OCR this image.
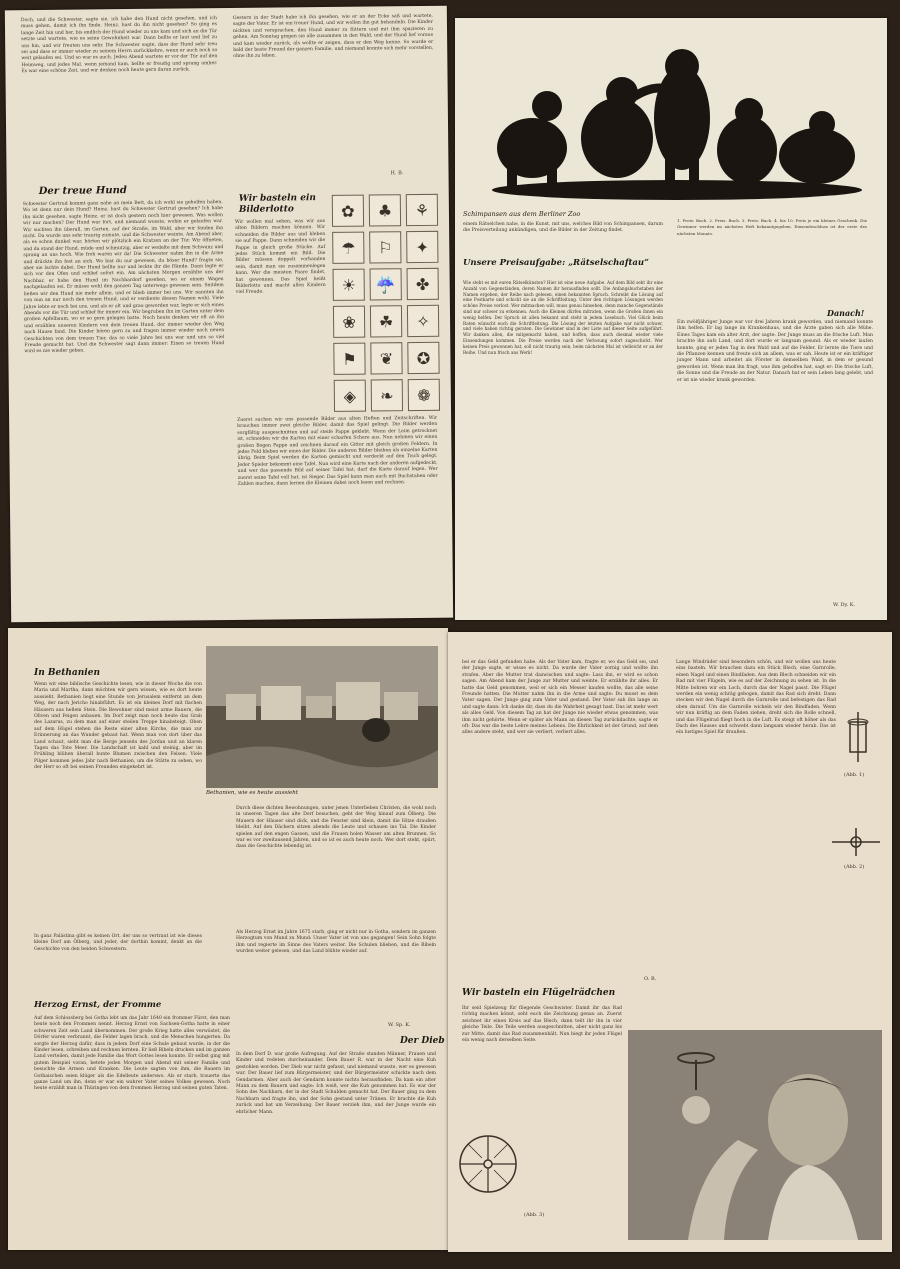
Doch, und die Schwester, sagte sie, ich habe den Hund nicht gesehen, und ich muss gehen, damit ich ihn finde. Heinz, hast du ihn nicht gesehen? So ging es lange Zeit hin und her, bis endlich der Hund wieder zu uns kam und sich an die Tür setzte und wartete, wie es seine Gewohnheit war. Dann bellte er laut und lief zu uns hin, und wir freuten uns sehr. Die Schwester sagte, dass der Hund sehr treu sei und dass er immer wieder zu seinem Herrn zurückkehre, wenn er auch noch so weit gelaufen sei. Und so war es auch. Jeden Abend wartete er vor der Tür auf den Heimweg, und jedes Mal, wenn jemand kam, bellte er freudig und sprang umher. Es war eine schöne Zeit, und wir denken noch heute gern daran zurück.
Gestern in der Stadt habe ich ihn gesehen, wie er an der Ecke saß und wartete, sagte der Vater. Er ist ein treuer Hund, und wir wollen ihn gut behandeln. Die Kinder nickten und versprachen, den Hund immer zu füttern und mit ihm spazieren zu gehen. Am Sonntag gingen sie alle zusammen in den Wald, und der Hund lief voraus und kam wieder zurück, als wollte er zeigen, dass er den Weg kenne. So wurde er bald der beste Freund der ganzen Familie, und niemand konnte sich mehr vorstellen, ohne ihn zu leben.
H. B.
Der treue Hund
Schwester Gertrud kommt ganz nahe an mein Bett, da ich wohl sie geholfen haben. Wo ist denn nur dein Hund? Heinz, hast du Schwester Gertrud gesehen? Ich habe ihn nicht gesehen, sagte Heinz, er ist doch gestern noch hier gewesen. Was wollen wir nur machen? Der Hund war fort, und niemand wusste, wohin er gelaufen war. Wir suchten ihn überall, im Garten, auf der Straße, im Wald, aber wir fanden ihn nicht. Da wurde uns sehr traurig zumute, und die Schwester weinte. Am Abend aber, als es schon dunkel war, hörten wir plötzlich ein Kratzen an der Tür. Wir öffneten, und da stand der Hund, müde und schmutzig, aber er wedelte mit dem Schwanz und sprang an uns hoch. Wie froh waren wir da! Die Schwester nahm ihn in die Arme und drückte ihn fest an sich. Wo bist du nur gewesen, du böser Hund? fragte sie, aber sie lachte dabei. Der Hund bellte nur und leckte ihr die Hände. Dann legte er sich vor den Ofen und schlief sofort ein. Am nächsten Morgen erzählte uns der Nachbar, er habe den Hund im Nachbardorf gesehen, wo er einem Wagen nachgelaufen sei. Er müsse wohl den ganzen Tag unterwegs gewesen sein. Seitdem ließen wir den Hund nie mehr allein, und er blieb immer bei uns. Wir nannten ihn von nun an nur noch den treuen Hund, und er verdiente diesen Namen wohl. Viele Jahre lebte er noch bei uns, und als er alt und grau geworden war, legte er sich eines Abends vor die Tür und schlief für immer ein. Wir begruben ihn im Garten unter dem großen Apfelbaum, wo er so gern gelegen hatte. Noch heute denken wir oft an ihn und erzählen unseren Kindern von dem treuen Hund, der immer wieder den Weg nach Hause fand. Die Kinder hören gern zu und fragen immer wieder nach neuen Geschichten von dem treuen Tier, das so viele Jahre bei uns war und uns so viel Freude gemacht hat. Und die Schwester sagt dann immer: Einen so treuen Hund wird es nie wieder geben.
Wir basteln ein Bilderlotto
Wir wollen mal sehen, was wir aus alten Bildern machen können. Wir schneiden die Bilder aus und kleben sie auf Pappe. Dann schneiden wir die Pappe in gleich große Stücke. Auf jedes Stück kommt ein Bild. Die Bilder müssen doppelt vorhanden sein, damit man sie zusammenlegen kann. Wer die meisten Paare findet, hat gewonnen. Das Spiel heißt Bilderlotto und macht allen Kindern viel Freude.
✿	♣	⚘
☂	⚐	✦
☀	☔	✤
❀	☘	✧
⚑	❦	✪
◈	❧	❁
Zuerst suchen wir uns passende Bilder aus alten Heften und Zeitschriften. Wir brauchen immer zwei gleiche Bilder, damit das Spiel gelingt. Die Bilder werden sorgfältig ausgeschnitten und auf steife Pappe geklebt. Wenn der Leim getrocknet ist, schneiden wir die Karten mit einer scharfen Schere aus. Nun nehmen wir einen großen Bogen Pappe und zeichnen darauf ein Gitter mit gleich großen Feldern. In jedes Feld kleben wir eines der Bilder. Die anderen Bilder bleiben als einzelne Karten übrig. Beim Spiel werden die Karten gemischt und verdeckt auf den Tisch gelegt. Jeder Spieler bekommt eine Tafel. Nun wird eine Karte nach der anderen aufgedeckt, und wer das passende Bild auf seiner Tafel hat, darf die Karte darauf legen. Wer zuerst seine Tafel voll hat, ist Sieger. Das Spiel kann man auch mit Buchstaben oder Zahlen machen, dann lernen die Kleinen dabei noch lesen und rechnen.
Schimpansen aus dem Berliner Zoo
einem Rätselchen nahe, in die Kunst, mit uns, welches Bild von Schimpansen, darum die Preisverteilung ankündigen, und die Bilder in der Zeitung findet.
1. Preis: Buch. 2. Preis: Buch. 3. Preis: Buch. 4. bis 10. Preis je ein kleines Geschenk. Die Gewinner werden im nächsten Heft bekanntgegeben. Einsendeschluss ist der erste des nächsten Monats.
Unsere Preisaufgabe: „Rätselschaftau“
Wie steht es mit euren Rätselkünsten? Hier ist eine neue Aufgabe. Auf dem Bild seht ihr eine Anzahl von Gegenständen, deren Namen ihr herausfinden sollt. Die Anfangsbuchstaben der Namen ergeben, der Reihe nach gelesen, einen bekannten Spruch. Schreibt die Lösung auf eine Postkarte und schickt sie an die Schriftleitung. Unter den richtigen Lösungen werden schöne Preise verlost. Wer mitmachen will, muss genau hinsehen, denn manche Gegenstände sind nur schwer zu erkennen. Auch die Kleinen dürfen mitraten, wenn die Großen ihnen ein wenig helfen. Der Spruch ist allen bekannt und steht in jedem Lesebuch. Viel Glück beim Raten wünscht euch die Schriftleitung. Die Lösung der letzten Aufgabe war nicht schwer, und viele haben richtig geraten. Die Gewinner sind in der Liste auf dieser Seite aufgeführt. Wir danken allen, die mitgemacht haben, und hoffen, dass auch diesmal wieder viele Einsendungen kommen. Die Preise werden nach der Verlosung sofort zugeschickt. Wer keinen Preis gewonnen hat, soll nicht traurig sein, beim nächsten Mal ist vielleicht er an der Reihe. Und nun frisch ans Werk!
Danach!
Ein zwölfjähriger Junge war vor drei Jahren krank geworden, und niemand konnte ihm helfen. Er lag lange im Krankenhaus, und die Ärzte gaben sich alle Mühe. Eines Tages kam ein alter Arzt, der sagte: Der Junge muss an die frische Luft. Man brachte ihn aufs Land, und dort wurde er langsam gesund. Als er wieder laufen konnte, ging er jeden Tag in den Wald und auf die Felder. Er lernte die Tiere und die Pflanzen kennen und freute sich an allem, was er sah. Heute ist er ein kräftiger junger Mann und arbeitet als Förster in demselben Wald, in dem er gesund geworden ist. Wenn man ihn fragt, was ihm geholfen hat, sagt er: Die frische Luft, die Sonne und die Freude an der Natur. Danach hat er sein Leben lang gelebt, und er ist nie wieder krank geworden.
W. Dy. K.
In Bethanien
Wenn wir eine biblische Geschichte lesen, wie in dieser Woche die von Maria und Martha, dann möchten wir gern wissen, wie es dort heute aussieht. Bethanien liegt eine Stunde von Jerusalem entfernt an dem Weg, der nach Jericho hinabführt. Es ist ein kleines Dorf mit flachen Häusern aus hellem Stein. Die Bewohner sind meist arme Bauern, die Oliven und Feigen anbauen. Im Dorf zeigt man noch heute das Grab des Lazarus, zu dem man auf einer steilen Treppe hinabsteigt. Oben auf dem Hügel stehen die Reste einer alten Kirche, die man zur Erinnerung an das Wunder gebaut hat. Wenn man von dort über das Land schaut, sieht man die Berge jenseits des Jordan und an klaren Tagen das Tote Meer. Die Landschaft ist kahl und steinig, aber im Frühling blühen überall bunte Blumen zwischen den Felsen. Viele Pilger kommen jedes Jahr nach Bethanien, um die Stätte zu sehen, wo der Herr so oft bei seinen Freunden eingekehrt ist.
Bethanien, wie es heute aussieht
In ganz Palästina gibt es keinen Ort, der uns so vertraut ist wie dieses kleine Dorf am Ölberg, und jeder, der dorthin kommt, denkt an die Geschichte von den beiden Schwestern.
Durch diese dichten Bewohnungen, unter jenen Unterlieben Christen, die wohl noch in unseren Tagen das alte Dorf besuchen, geht der Weg hinauf zum Ölberg. Die Mauern der Häuser sind dick, und die Fenster sind klein, damit die Hitze draußen bleibt. Auf den Dächern sitzen abends die Leute und schauen ins Tal. Die Kinder spielen auf den engen Gassen, und die Frauen holen Wasser am alten Brunnen. So war es vor zweitausend Jahren, und so ist es auch heute noch. Wer dort steht, spürt, dass die Geschichte lebendig ist.
Herzog Ernst, der Fromme
Auf dem Schlossberg bei Gotha lebt um das Jahr 1640 ein frommer Fürst, den man heute noch den Frommen nennt. Herzog Ernst von Sachsen-Gotha hatte in einer schweren Zeit sein Land übernommen. Der große Krieg hatte alles verwüstet, die Dörfer waren verbrannt, die Felder lagen brach, und die Menschen hungerten. Da sorgte der Herzog dafür, dass in jedem Dorf eine Schule gebaut wurde, in der die Kinder lesen, schreiben und rechnen lernten. Er ließ Bibeln drucken und im ganzen Land verteilen, damit jede Familie das Wort Gottes lesen konnte. Er selbst ging mit gutem Beispiel voran, betete jeden Morgen und Abend mit seiner Familie und besuchte die Armen und Kranken. Die Leute sagten von ihm, die Bauern im Gothaischen seien klüger als die Edelleute anderswo. Als er starb, trauerte das ganze Land um ihn, denn er war ein wahrer Vater seines Volkes gewesen. Noch heute erzählt man in Thüringen von dem frommen Herzog und seinen guten Taten.
Als Herzog Ernst im Jahre 1675 starb, ging er nicht nur in Gotha, sondern im ganzen Herzogtum von Mund zu Mund: Unser Vater ist von uns gegangen! Sein Sohn folgte ihm und regierte im Sinne des Vaters weiter. Die Schulen blieben, und die Bibeln wurden weiter gelesen, und das Land blühte wieder auf.
W. Sp. K.
Der Dieb
In dem Dorf D. war große Aufregung. Auf der Straße standen Männer, Frauen und Kinder und redeten durcheinander. Dem Bauer R. war in der Nacht eine Kuh gestohlen worden. Der Dieb war nicht gefasst, und niemand wusste, wer es gewesen war. Der Bauer lief zum Bürgermeister, und der Bürgermeister schickte nach dem Gendarmen. Aber auch der Gendarm konnte nichts herausfinden. Da kam ein alter Mann zu dem Bauern und sagte: Ich weiß, wer die Kuh genommen hat. Es war der Sohn des Nachbarn, der in der Stadt Schulden gemacht hat. Der Bauer ging zu dem Nachbarn und fragte ihn, und der Sohn gestand unter Tränen. Er brachte die Kuh zurück und bat um Verzeihung. Der Bauer verzieh ihm, und der Junge wurde ein ehrlicher Mann.
bei er das Geld gefunden habe. Als der Vater kam, fragte er, wo das Geld sei, und der Junge sagte, er wisse es nicht. Da wurde der Vater zornig und wollte ihn strafen. Aber die Mutter trat dazwischen und sagte: Lass ihn, er wird es schon sagen. Am Abend kam der Junge zur Mutter und weinte. Er erzählte ihr alles. Er hatte das Geld genommen, weil er sich ein Messer kaufen wollte, das alle seine Freunde hatten. Die Mutter nahm ihn in die Arme und sagte: Du musst es dem Vater sagen. Der Junge ging zum Vater und gestand. Der Vater sah ihn lange an und sagte dann: Ich danke dir, dass du die Wahrheit gesagt hast. Das ist mehr wert als alles Geld. Von diesem Tag an hat der Junge nie wieder etwas genommen, was ihm nicht gehörte. Wenn er später als Mann an diesen Tag zurückdachte, sagte er oft: Das war die beste Lehre meines Lebens. Die Ehrlichkeit ist der Grund, auf dem alles andere steht, und wer sie verliert, verliert alles.
O. B.
Lange Windräder sind besonders schön, und wir wollen uns heute eins basteln. Wir brauchen dazu ein Stück Blech, eine Garnrolle, einen Nagel und einen Bindfaden. Aus dem Blech schneiden wir ein Rad mit vier Flügeln, wie es auf der Zeichnung zu sehen ist. In die Mitte bohren wir ein Loch, durch das der Nagel passt. Die Flügel werden ein wenig schräg gebogen, damit das Rad sich dreht. Dann stecken wir den Nagel durch die Garnrolle und befestigen das Rad oben darauf. Um die Garnrolle wickeln wir den Bindfaden. Wenn wir nun kräftig an dem Faden ziehen, dreht sich die Rolle schnell, und das Flügelrad fliegt hoch in die Luft. Es steigt oft höher als das Dach des Hauses und schwebt dann langsam wieder herab. Das ist ein lustiges Spiel für draußen.
(Abb. 1)
(Abb. 2)
Wir basteln ein Flügelrädchen
Ihr seid Spielzeug für fliegende Geschwister. Damit ihr das Rad richtig machen könnt, seht euch die Zeichnung genau an. Zuerst zeichnet ihr einen Kreis auf das Blech, dann teilt ihr ihn in vier gleiche Teile. Die Teile werden ausgeschnitten, aber nicht ganz bis zur Mitte, damit das Rad zusammenhält. Nun biegt ihr jeden Flügel ein wenig nach derselben Seite.
(Abb. 3)
